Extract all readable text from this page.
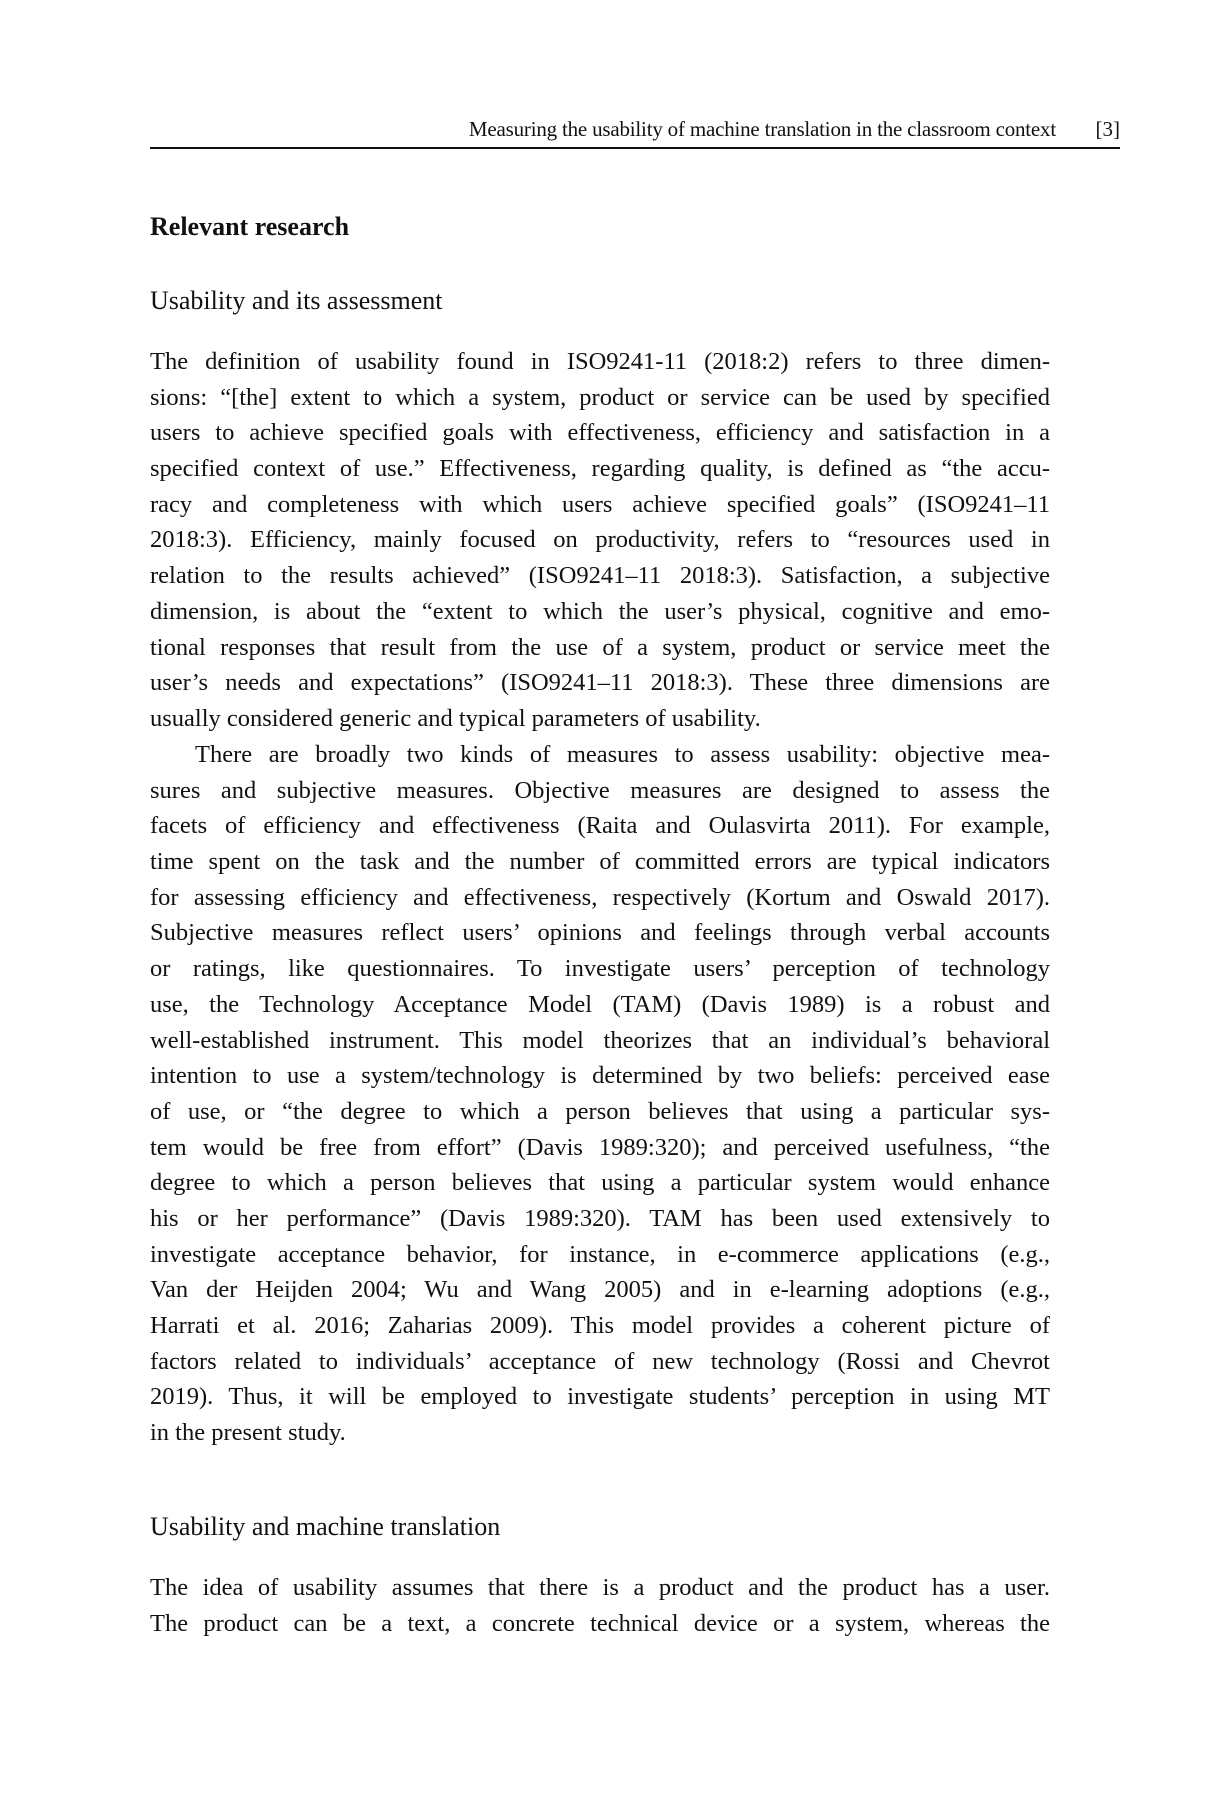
Measuring the usability of machine translation in the classroom context [3]
Relevant research
Usability and its assessment
The definition of usability found in ISO9241-11 (2018:2) refers to three dimen-
sions: “[the] extent to which a system, product or service can be used by specified
users to achieve specified goals with effectiveness, efficiency and satisfaction in a
specified context of use.” Effectiveness, regarding quality, is defined as “the accu-
racy and completeness with which users achieve specified goals” (ISO9241–11
2018:3). Efficiency, mainly focused on productivity, refers to “resources used in
relation to the results achieved” (ISO9241–11 2018:3). Satisfaction, a subjective
dimension, is about the “extent to which the user’s physical, cognitive and emo-
tional responses that result from the use of a system, product or service meet the
user’s needs and expectations” (ISO9241–11 2018:3). These three dimensions are
usually considered generic and typical parameters of usability.
There are broadly two kinds of measures to assess usability: objective mea-
sures and subjective measures. Objective measures are designed to assess the
facets of efficiency and effectiveness (Raita and Oulasvirta 2011). For example,
time spent on the task and the number of committed errors are typical indicators
for assessing efficiency and effectiveness, respectively (Kortum and Oswald 2017).
Subjective measures reflect users’ opinions and feelings through verbal accounts
or ratings, like questionnaires. To investigate users’ perception of technology
use, the Technology Acceptance Model (TAM) (Davis 1989) is a robust and
well-established instrument. This model theorizes that an individual’s behavioral
intention to use a system/technology is determined by two beliefs: perceived ease
of use, or “the degree to which a person believes that using a particular sys-
tem would be free from effort” (Davis 1989:320); and perceived usefulness, “the
degree to which a person believes that using a particular system would enhance
his or her performance” (Davis 1989:320). TAM has been used extensively to
investigate acceptance behavior, for instance, in e-commerce applications (e.g.,
Van der Heijden 2004; Wu and Wang 2005) and in e-learning adoptions (e.g.,
Harrati et al. 2016; Zaharias 2009). This model provides a coherent picture of
factors related to individuals’ acceptance of new technology (Rossi and Chevrot
2019). Thus, it will be employed to investigate students’ perception in using MT
in the present study.
Usability and machine translation
The idea of usability assumes that there is a product and the product has a user.
The product can be a text, a concrete technical device or a system, whereas the
